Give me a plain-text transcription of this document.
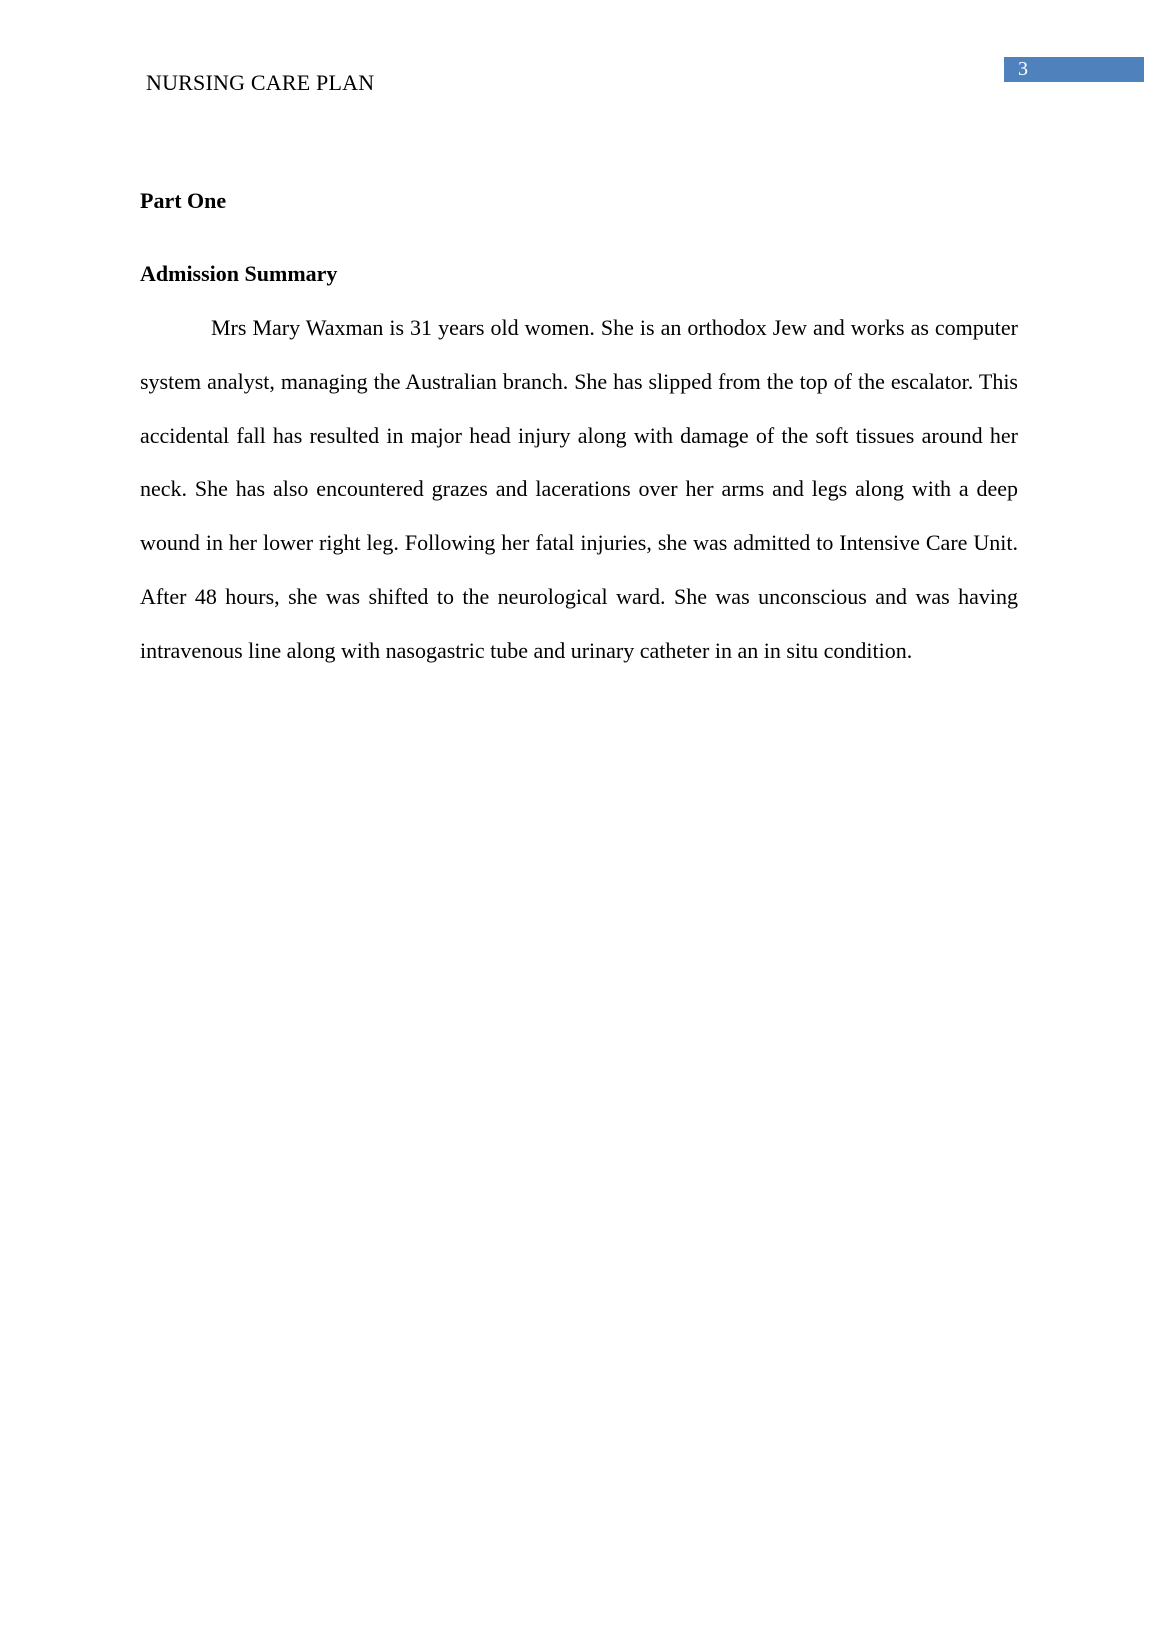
NURSING CARE PLAN
3
Part One
Admission Summary

Mrs Mary Waxman is 31 years old women. She is an orthodox Jew and works as computer system analyst, managing the Australian branch. She has slipped from the top of the escalator. This accidental fall has resulted in major head injury along with damage of the soft tissues around her neck. She has also encountered grazes and lacerations over her arms and legs along with a deep wound in her lower right leg. Following her fatal injuries, she was admitted to Intensive Care Unit. After 48 hours, she was shifted to the neurological ward. She was unconscious and was having intravenous line along with nasogastric tube and urinary catheter in an in situ condition.
